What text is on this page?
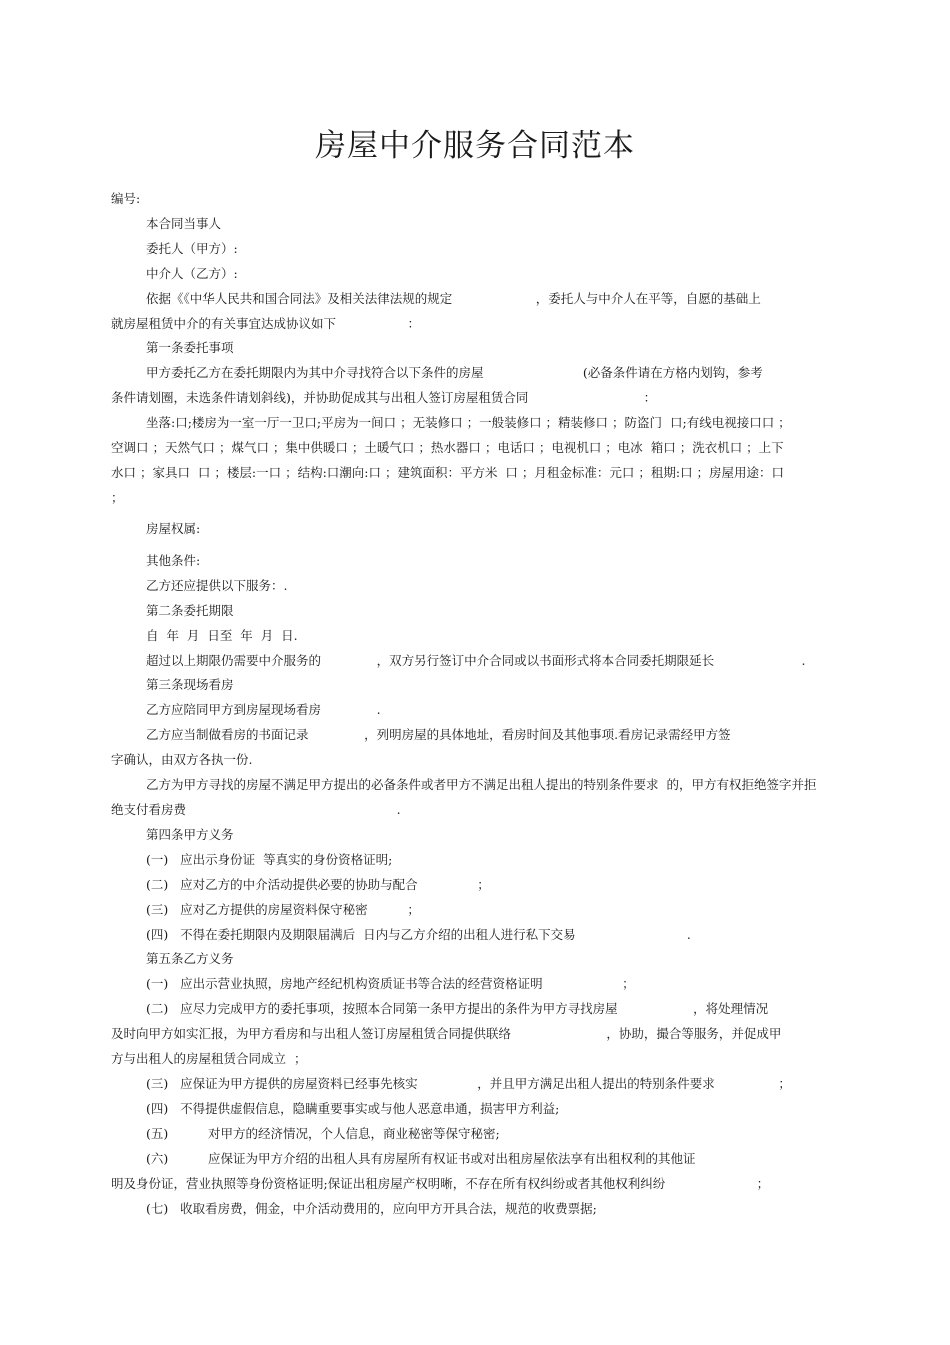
房屋中介服务合同范本
编号:
本合同当事人
委托人（甲方）:
中介人（乙方）:
依据《《中华人民共和国合同法》及相关法律法规的规定                     ，委托人与中介人在平等，自愿的基础上
就房屋租赁中介的有关事宜达成协议如下                  ：
第一条委托事项
甲方委托乙方在委托期限内为其中介寻找符合以下条件的房屋                         (必备条件请在方格内划钩，参考
条件请划圈，未选条件请划斜线)，并协助促成其与出租人签订房屋租赁合同                             ：
坐落:口;楼房为一室一厅一卫口;平房为一间口 ；无装修口 ；一般装修口 ；精装修口 ；防盗门  口;有线电视接口口 ；
空调口 ；天然气口 ；煤气口 ；集中供暖口 ；土暖气口 ；热水器口 ；电话口 ；电视机口 ；电冰  箱口 ；洗衣机口 ；上下
水口 ；家具口  口 ；楼层:一口 ；结构:口潮向:口 ；建筑面积：平方米  口 ；月租金标准：元口 ；租期:口 ；房屋用途：口
；
房屋权属:
其他条件:
乙方还应提供以下服务：.
第二条委托期限
自  年  月  日至  年  月  日.
超过以上期限仍需要中介服务的              ，双方另行签订中介合同或以书面形式将本合同委托期限延长                      .
第三条现场看房
乙方应陪同甲方到房屋现场看房              .
乙方应当制做看房的书面记录              ，列明房屋的具体地址，看房时间及其他事项.看房记录需经甲方签
字确认，由双方各执一份.
乙方为甲方寻找的房屋不满足甲方提出的必备条件或者甲方不满足出租人提出的特别条件要求  的，甲方有权拒绝签字并拒
绝支付看房费                                                     .
第四条甲方义务
(一)   应出示身份证  等真实的身份资格证明;
(二)   应对乙方的中介活动提供必要的协助与配合               ；
(三)   应对乙方提供的房屋资料保守秘密          ；
(四)   不得在委托期限内及期限届满后  日内与乙方介绍的出租人进行私下交易                            .
第五条乙方义务
(一)   应出示营业执照，房地产经纪机构资质证书等合法的经营资格证明                    ；
(二)   应尽力完成甲方的委托事项，按照本合同第一条甲方提出的条件为甲方寻找房屋                   ，将处理情况
及时向甲方如实汇报，为甲方看房和与出租人签订房屋租赁合同提供联络                        ，协助，撮合等服务，并促成甲
方与出租人的房屋租赁合同成立  ；
(三)   应保证为甲方提供的房屋资料已经事先核实               ，并且甲方满足出租人提出的特别条件要求                ；
(四)   不得提供虚假信息，隐瞒重要事实或与他人恶意串通，损害甲方利益;
(五)          对甲方的经济情况，个人信息，商业秘密等保守秘密;
(六)          应保证为甲方介绍的出租人具有房屋所有权证书或对出租房屋依法享有出租权利的其他证
明及身份证，营业执照等身份资格证明;保证出租房屋产权明晰，不存在所有权纠纷或者其他权利纠纷                       ；
(七)   收取看房费，佣金，中介活动费用的，应向甲方开具合法，规范的收费票据;
